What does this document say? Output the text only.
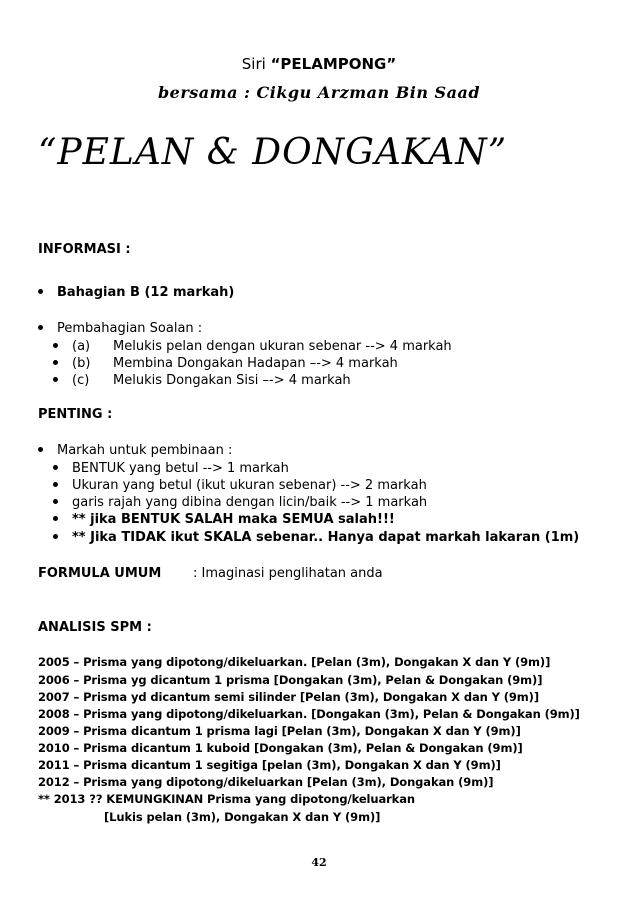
Siri “PELAMPONG”
bersama : Cikgu Arzman Bin Saad
“PELAN & DONGAKAN”
INFORMASI :
Bahagian B (12 markah)
Pembahagian Soalan :
(a) Melukis pelan dengan ukuran sebenar --> 4 markah
(b) Membina Dongakan Hadapan –-> 4 markah
(c) Melukis Dongakan Sisi –-> 4 markah
PENTING :
Markah untuk pembinaan :
BENTUK yang betul --> 1 markah
Ukuran yang betul (ikut ukuran sebenar) --> 2 markah
garis rajah yang dibina dengan licin/baik --> 1 markah
** jika BENTUK SALAH maka SEMUA salah!!!
** Jika TIDAK ikut SKALA sebenar.. Hanya dapat markah lakaran (1m)
FORMULA UMUM : Imaginasi penglihatan anda
ANALISIS SPM :
2005 – Prisma yang dipotong/dikeluarkan. [Pelan (3m), Dongakan X dan Y (9m)]
2006 – Prisma yg dicantum 1 prisma [Dongakan (3m), Pelan & Dongakan (9m)]
2007 – Prisma yd dicantum semi silinder [Pelan (3m), Dongakan X dan Y (9m)]
2008 – Prisma yang dipotong/dikeluarkan. [Dongakan (3m), Pelan & Dongakan (9m)]
2009 – Prisma dicantum 1 prisma lagi [Pelan (3m), Dongakan X dan Y (9m)]
2010 – Prisma dicantum 1 kuboid [Dongakan (3m), Pelan & Dongakan (9m)]
2011 – Prisma dicantum 1 segitiga [pelan (3m), Dongakan X dan Y (9m)]
2012 – Prisma yang dipotong/dikeluarkan [Pelan (3m), Dongakan (9m)]
** 2013 ?? KEMUNGKINAN Prisma yang dipotong/keluarkan
[Lukis pelan (3m), Dongakan X dan Y (9m)]
42
